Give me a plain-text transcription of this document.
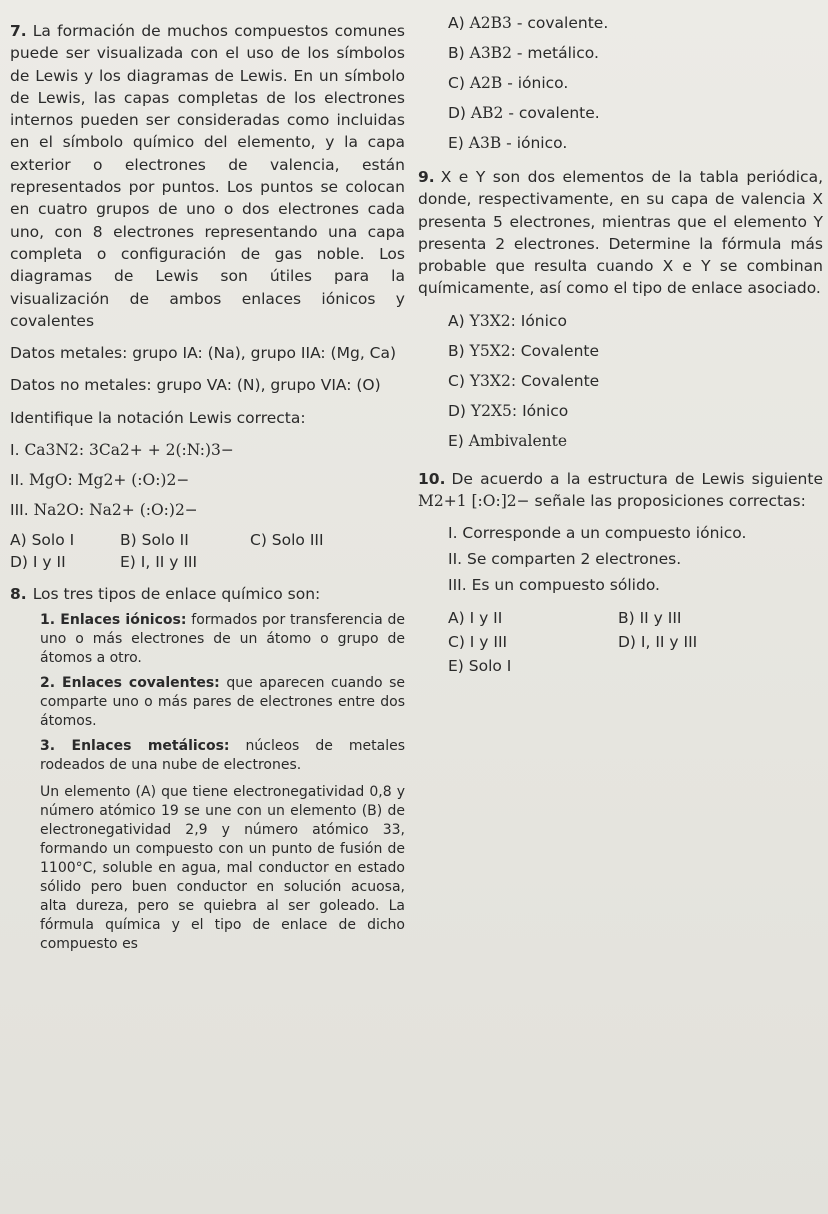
7. La formación de muchos compuestos comunes puede ser visualizada con el uso de los símbolos de Lewis y los diagramas de Lewis. En un símbolo de Lewis, las capas completas de los electrones internos pueden ser consideradas como incluidas en el símbolo químico del elemento, y la capa exterior o electrones de valencia, están representados por puntos. Los puntos se colocan en cuatro grupos de uno o dos electrones cada uno, con 8 electrones representando una capa completa o configuración de gas noble. Los diagramas de Lewis son útiles para la visualización de ambos enlaces iónicos y covalentes

Datos metales: grupo IA: (Na), grupo IIA: (Mg, Ca)

Datos no metales: grupo VA: (N), grupo VIA: (O)

Identifique la notación Lewis correcta:

I. Ca3N2: 3Ca2+ + 2(:N:)3−
II. MgO: Mg2+ (:O:)2−
III. Na2O: Na2+ (:O:)2−
A) Solo I	B) Solo II	C) Solo III
D) I y II	E) I, II y III

8. Los tres tipos de enlace químico son:

1. Enlaces iónicos: formados por transferencia de uno o más electrones de un átomo o grupo de átomos a otro.

2. Enlaces covalentes: que aparecen cuando se comparte uno o más pares de electrones entre dos átomos.

3. Enlaces metálicos: núcleos de metales rodeados de una nube de electrones.

Un elemento (A) que tiene electronegatividad 0,8 y número atómico 19 se une con un elemento (B) de electronegatividad 2,9 y número atómico 33, formando un compuesto con un punto de fusión de 1100°C, soluble en agua, mal conductor en estado sólido pero buen conductor en solución acuosa, alta dureza, pero se quiebra al ser goleado. La fórmula química y el tipo de enlace de dicho compuesto es

A) A2B3 - covalente.
B) A3B2 - metálico.
C) A2B - iónico.
D) AB2 - covalente.
E) A3B - iónico.

9. X e Y son dos elementos de la tabla periódica, donde, respectivamente, en su capa de valencia X presenta 5 electrones, mientras que el elemento Y presenta 2 electrones. Determine la fórmula más probable que resulta cuando X e Y se combinan químicamente, así como el tipo de enlace asociado.

A) Y3X2: Iónico
B) Y5X2: Covalente
C) Y3X2: Covalente
D) Y2X5: Iónico
E) Ambivalente

10. De acuerdo a la estructura de Lewis siguiente M2+1 [:O:]2− señale las proposiciones correctas:

I. Corresponde a un compuesto iónico.
II. Se comparten 2 electrones.
III. Es un compuesto sólido.
A) I y II	B) II y III
C) I y III	D) I, II y III
E) Solo I
